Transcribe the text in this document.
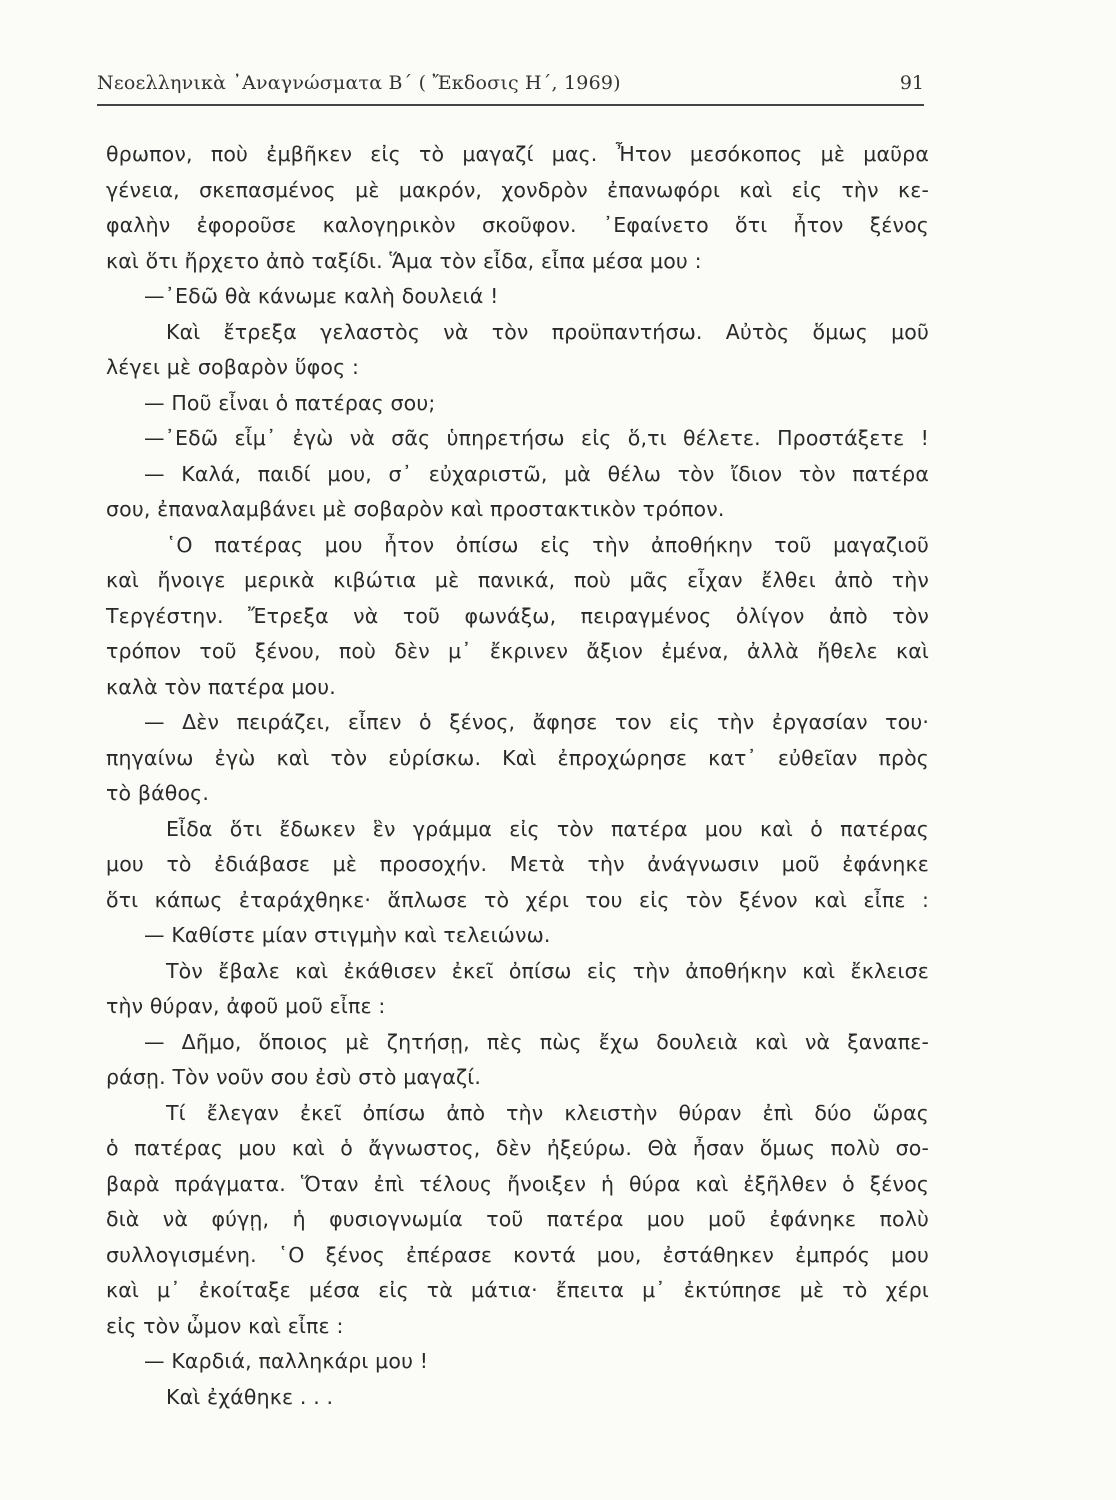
Νεοελληνικὰ ᾿Αναγνώσματα Β΄ ( Ἔκδοσις Η΄, 1969)	91
θρωπον, ποὺ ἐμβῆκεν εἰς τὸ μαγαζί μας. Ἦτον μεσόκοπος μὲ μαῦρα
γένεια, σκεπασμένος μὲ μακρόν, χονδρὸν ἐπανωφόρι καὶ εἰς τὴν κε-
φαλὴν ἐφοροῦσε καλογηρικὸν σκοῦφον. ᾿Εφαίνετο ὅτι ἦτον ξένος
καὶ ὅτι ἤρχετο ἀπὸ ταξίδι. Ἅμα τὸν εἶδα, εἶπα μέσα μου :
—᾿Εδῶ θὰ κάνωμε καλὴ δουλειά !
Καὶ ἔτρεξα γελαστὸς νὰ τὸν προϋπαντήσω. Αὐτὸς ὅμως μοῦ
λέγει μὲ σοβαρὸν ὕφος :
— Ποῦ εἶναι ὁ πατέρας σου;
—᾿Εδῶ εἶμ᾿ ἐγὼ νὰ σᾶς ὑπηρετήσω εἰς ὅ,τι θέλετε. Προστάξετε !
— Καλά, παιδί μου, σ᾿ εὐχαριστῶ, μὰ θέλω τὸν ἴδιον τὸν πατέρα
σου, ἐπαναλαμβάνει μὲ σοβαρὸν καὶ προστακτικὸν τρόπον.
῾Ο πατέρας μου ἦτον ὀπίσω εἰς τὴν ἀποθήκην τοῦ μαγαζιοῦ
καὶ ἤνοιγε μερικὰ κιβώτια μὲ πανικά, ποὺ μᾶς εἶχαν ἔλθει ἀπὸ τὴν
Τεργέστην. Ἔτρεξα νὰ τοῦ φωνάξω, πειραγμένος ὀλίγον ἀπὸ τὸν
τρόπον τοῦ ξένου, ποὺ δὲν μ᾿ ἔκρινεν ἄξιον ἐμένα, ἀλλὰ ἤθελε καὶ
καλὰ τὸν πατέρα μου.
— Δὲν πειράζει, εἶπεν ὁ ξένος, ἄφησε τον εἰς τὴν ἐργασίαν του·
πηγαίνω ἐγὼ καὶ τὸν εὑρίσκω. Καὶ ἐπροχώρησε κατ᾿ εὐθεῖαν πρὸς
τὸ βάθος.
Εἶδα ὅτι ἔδωκεν ἓν γράμμα εἰς τὸν πατέρα μου καὶ ὁ πατέρας
μου τὸ ἐδιάβασε μὲ προσοχήν. Μετὰ τὴν ἀνάγνωσιν μοῦ ἐφάνηκε
ὅτι κάπως ἐταράχθηκε· ἅπλωσε τὸ χέρι του εἰς τὸν ξένον καὶ εἶπε :
— Καθίστε μίαν στιγμὴν καὶ τελειώνω.
Τὸν ἔβαλε καὶ ἐκάθισεν ἐκεῖ ὀπίσω εἰς τὴν ἀποθήκην καὶ ἔκλεισε
τὴν θύραν, ἀφοῦ μοῦ εἶπε :
— Δῆμο, ὅποιος μὲ ζητήσῃ, πὲς πὼς ἔχω δουλειὰ καὶ νὰ ξαναπε-
ράσῃ. Τὸν νοῦν σου ἐσὺ στὸ μαγαζί.
Τί ἔλεγαν ἐκεῖ ὀπίσω ἀπὸ τὴν κλειστὴν θύραν ἐπὶ δύο ὥρας
ὁ πατέρας μου καὶ ὁ ἄγνωστος, δὲν ἠξεύρω. Θὰ ἦσαν ὅμως πολὺ σο-
βαρὰ πράγματα. Ὅταν ἐπὶ τέλους ἤνοιξεν ἡ θύρα καὶ ἐξῆλθεν ὁ ξένος
διὰ νὰ φύγῃ, ἡ φυσιογνωμία τοῦ πατέρα μου μοῦ ἐφάνηκε πολὺ
συλλογισμένη. ῾Ο ξένος ἐπέρασε κοντά μου, ἐστάθηκεν ἐμπρός μου
καὶ μ᾿ ἐκοίταξε μέσα εἰς τὰ μάτια· ἔπειτα μ᾿ ἐκτύπησε μὲ τὸ χέρι
εἰς τὸν ὦμον καὶ εἶπε :
— Καρδιά, παλληκάρι μου !
Καὶ ἐχάθηκε . . .
